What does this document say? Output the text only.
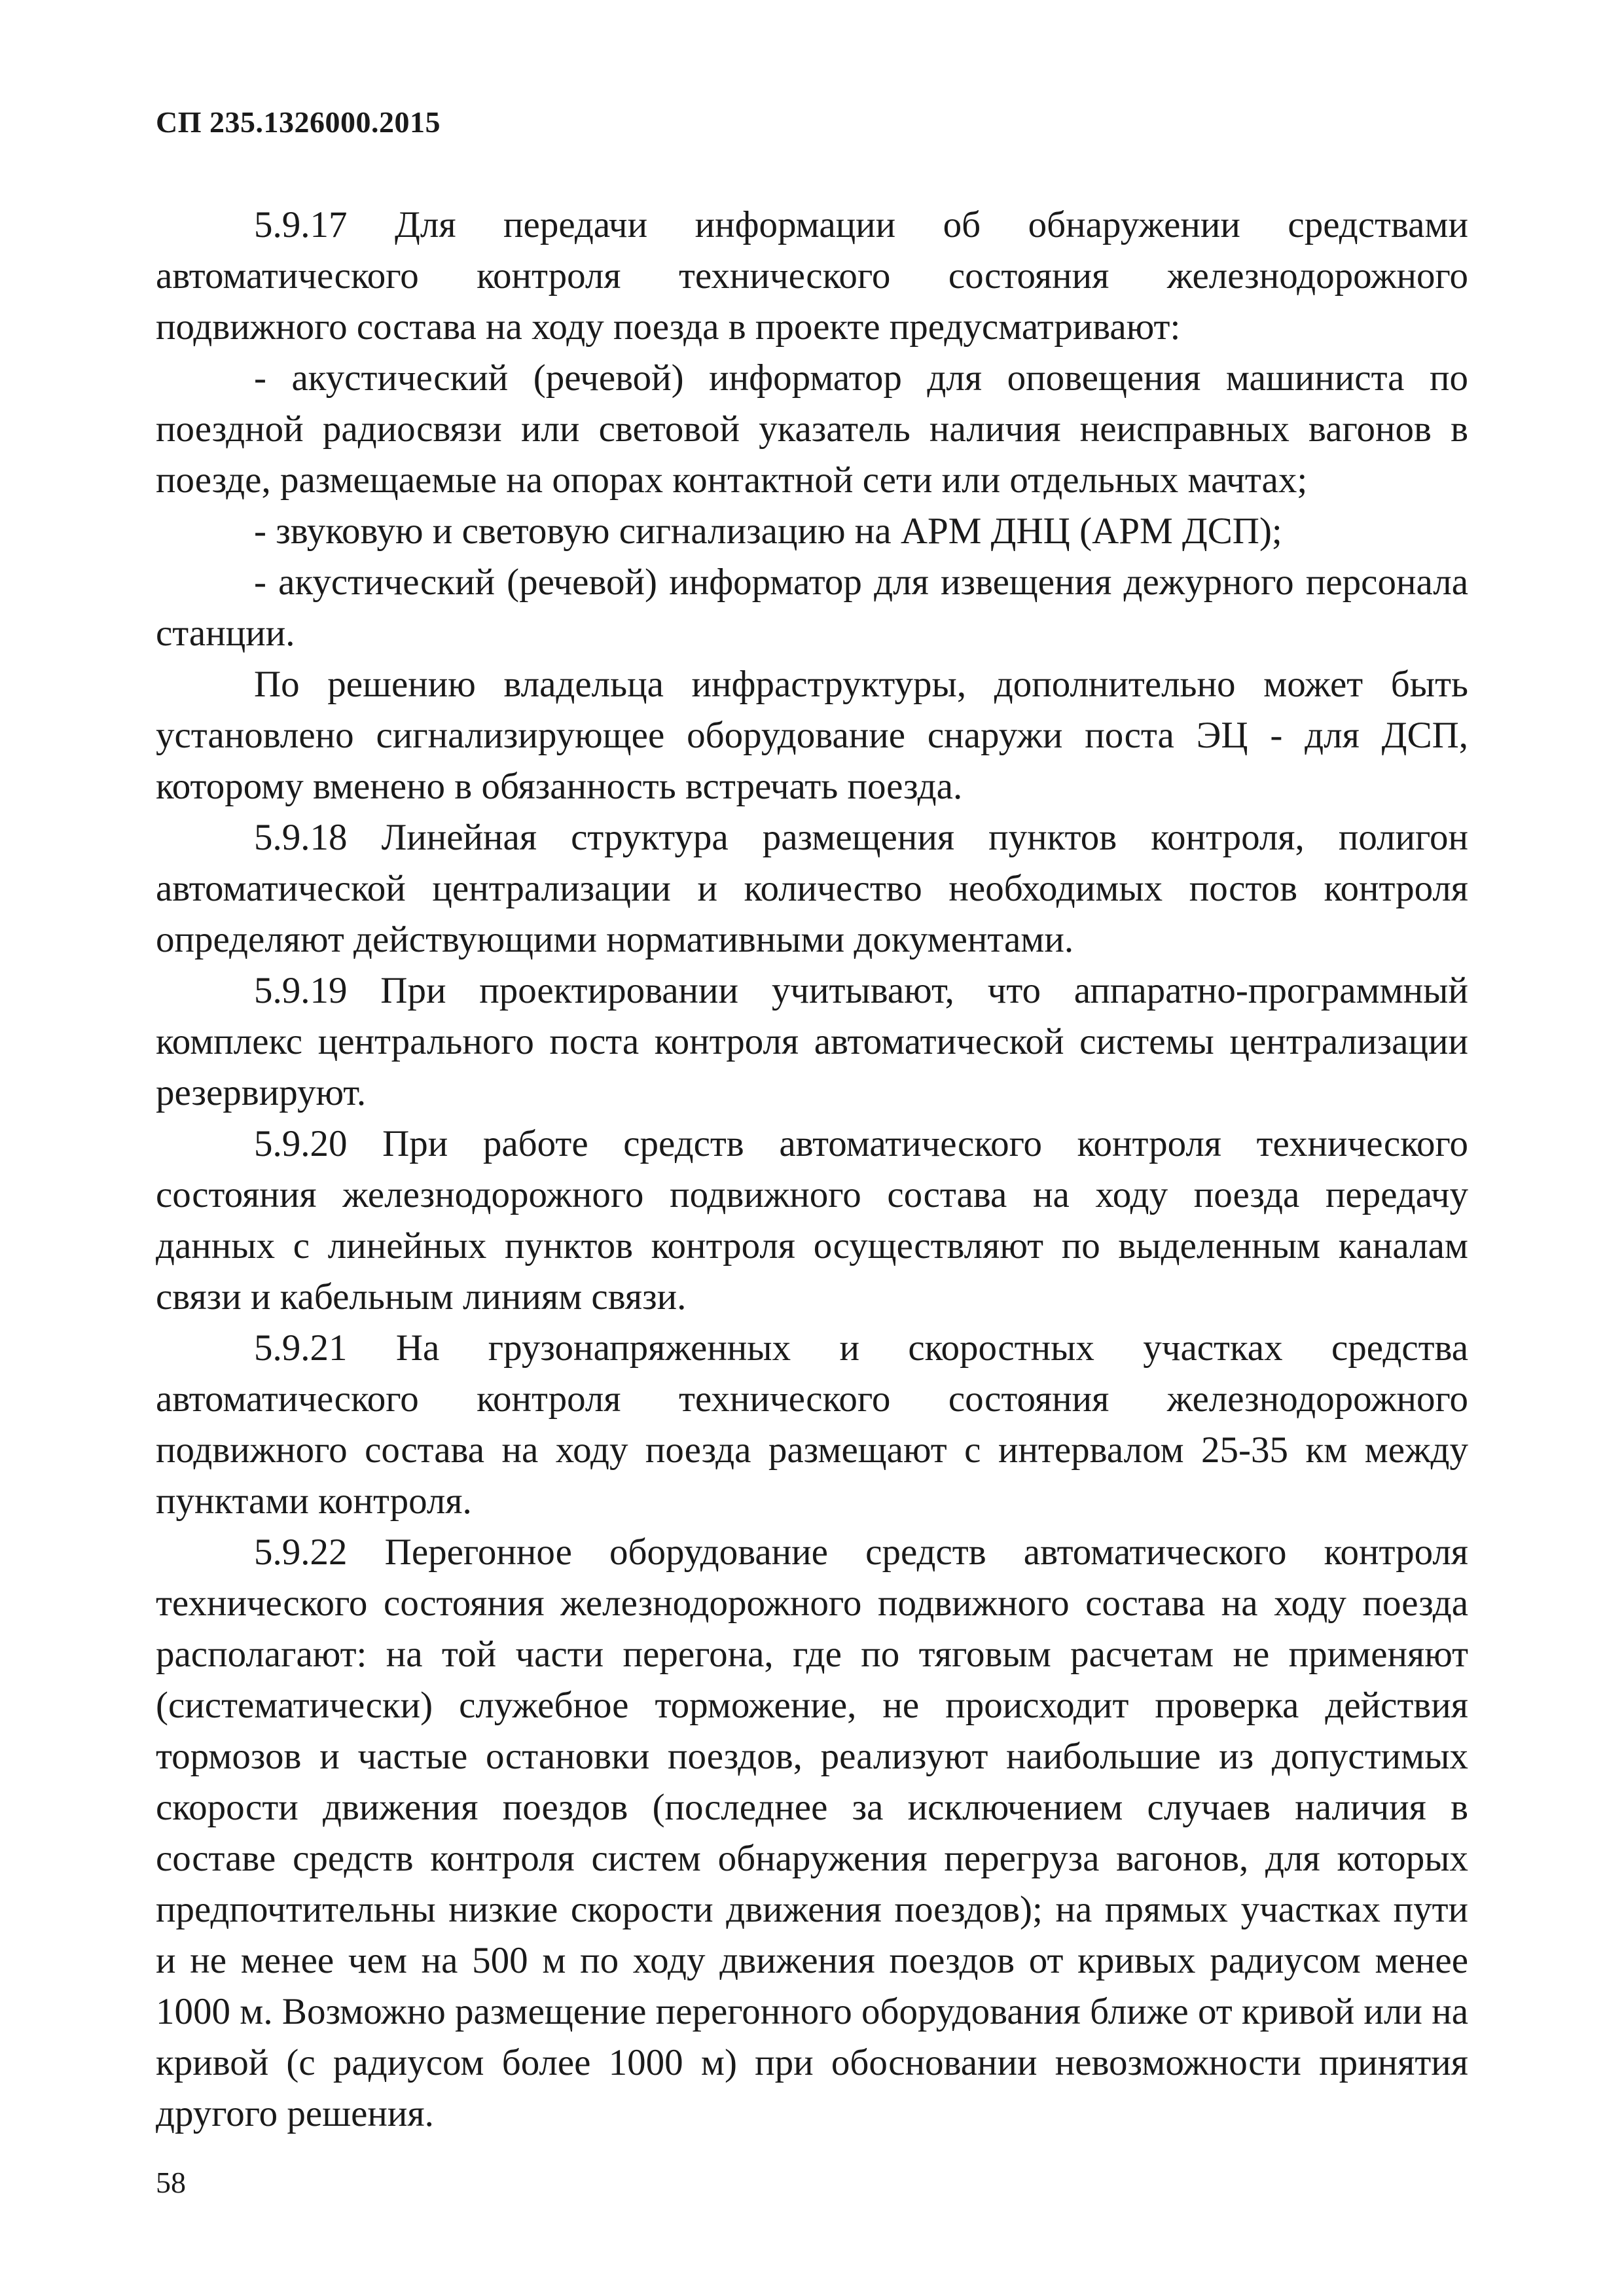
СП 235.1326000.2015

5.9.17 Для передачи информации об обнаружении средствами автоматического контроля технического состояния железнодорожного подвижного состава на ходу поезда в проекте предусматривают:

- акустический (речевой) информатор для оповещения машиниста по поездной радиосвязи или световой указатель наличия неисправных вагонов в поезде, размещаемые на опорах контактной сети или отдельных мачтах;

- звуковую и световую сигнализацию на АРМ ДНЦ (АРМ ДСП);

- акустический (речевой) информатор для извещения дежурного персонала станции.

По решению владельца инфраструктуры, дополнительно может быть установлено сигнализирующее оборудование снаружи поста ЭЦ - для ДСП, которому вменено в обязанность встречать поезда.

5.9.18 Линейная структура размещения пунктов контроля, полигон автоматической централизации и количество необходимых постов контроля определяют действующими нормативными документами.

5.9.19 При проектировании учитывают, что аппаратно-программный комплекс центрального поста контроля автоматической системы централизации резервируют.

5.9.20 При работе средств автоматического контроля технического состояния железнодорожного подвижного состава на ходу поезда передачу данных с линейных пунктов контроля осуществляют по выделенным каналам связи и кабельным линиям связи.

5.9.21 На грузонапряженных и скоростных участках средства автоматического контроля технического состояния железнодорожного подвижного состава на ходу поезда размещают с интервалом 25-35 км между пунктами контроля.

5.9.22 Перегонное оборудование средств автоматического контроля технического состояния железнодорожного подвижного состава на ходу поезда располагают: на той части перегона, где по тяговым расчетам не применяют (систематически) служебное торможение, не происходит проверка действия тормозов и частые остановки поездов, реализуют наибольшие из допустимых скорости движения поездов (последнее за исключением случаев наличия в составе средств контроля систем обнаружения перегруза вагонов, для которых предпочтительны низкие скорости движения поездов); на прямых участках пути и не менее чем на 500 м по ходу движения поездов от кривых радиусом менее 1000 м. Возможно размещение перегонного оборудования ближе от кривой или на кривой (с радиусом более 1000 м) при обосновании невозможности принятия другого решения.

58
